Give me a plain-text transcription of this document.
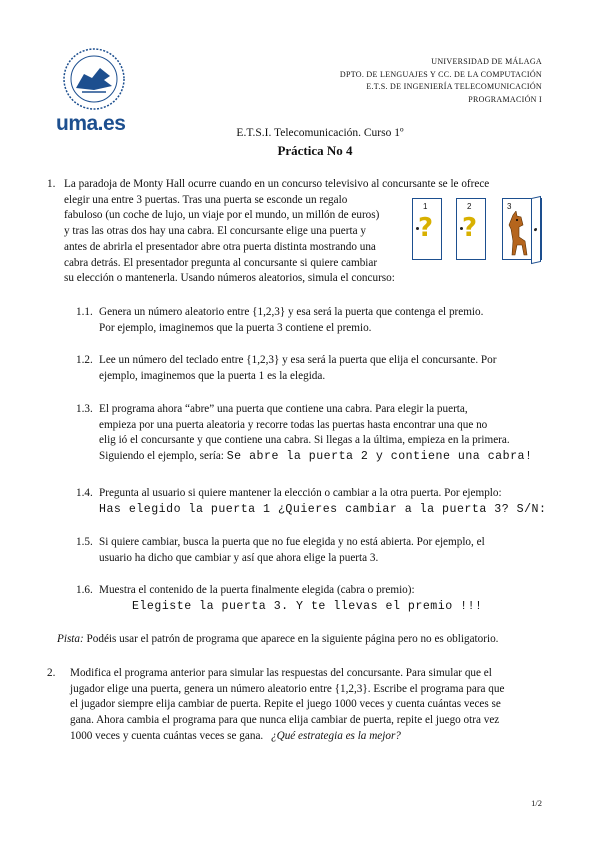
uma.es
UNIVERSIDAD DE MÁLAGA
DPTO. DE LENGUAJES Y CC. DE LA COMPUTACIÓN
E.T.S. DE INGENIERÍA TELECOMUNICACIÓN
PROGRAMACIÓN I
E.T.S.I. Telecomunicación. Curso 1º
Práctica No 4
1. La paradoja de Monty Hall ocurre cuando en un concurso televisivo al concursante se le ofrece
elegir una entre 3 puertas. Tras una puerta se esconde un regalo
fabuloso (un coche de lujo, un viaje por el mundo, un millón de euros)
y tras las otras dos hay una cabra. El concursante elige una puerta y
antes de abrirla el presentador abre otra puerta distinta mostrando una
cabra detrás. El presentador pregunta al concursante si quiere cambiar
su elección o mantenerla. Usando números aleatorios, simula el concurso:
1
?
2
?
3
1.1. Genera un número aleatorio entre {1,2,3} y esa será la puerta que contenga el premio.
Por ejemplo, imaginemos que la puerta 3 contiene el premio.
1.2. Lee un número del teclado entre {1,2,3} y esa será la puerta que elija el concursante. Por
ejemplo, imaginemos que la puerta 1 es la elegida.
1.3. El programa ahora “abre” una puerta que contiene una cabra. Para elegir la puerta,
empieza por una puerta aleatoria y recorre todas las puertas hasta encontrar una que no
elig ió el concursante y que contiene una cabra. Si llegas a la última, empieza en la primera.
Siguiendo el ejemplo, sería: Se abre la puerta 2 y contiene una cabra!
1.4. Pregunta al usuario si quiere mantener la elección o cambiar a la otra puerta. Por ejemplo:
Has elegido la puerta 1 ¿Quieres cambiar a la puerta 3? S/N:
1.5. Si quiere cambiar, busca la puerta que no fue elegida y no está abierta. Por ejemplo, el
usuario ha dicho que cambiar y así que ahora elige la puerta 3.
1.6. Muestra el contenido de la puerta finalmente elegida (cabra o premio):
Elegiste la puerta 3. Y te llevas el premio !!!
Pista: Podéis usar el patrón de programa que aparece en la siguiente página pero no es obligatorio.
2. Modifica el programa anterior para simular las respuestas del concursante. Para simular que el
jugador elige una puerta, genera un número aleatorio entre {1,2,3}. Escribe el programa para que
el jugador siempre elija cambiar de puerta. Repite el juego 1000 veces y cuenta cuántas veces se
gana. Ahora cambia el programa para que nunca elija cambiar de puerta, repite el juego otra vez
1000 veces y cuenta cuántas veces se gana. ¿Qué estrategia es la mejor?
1/2
